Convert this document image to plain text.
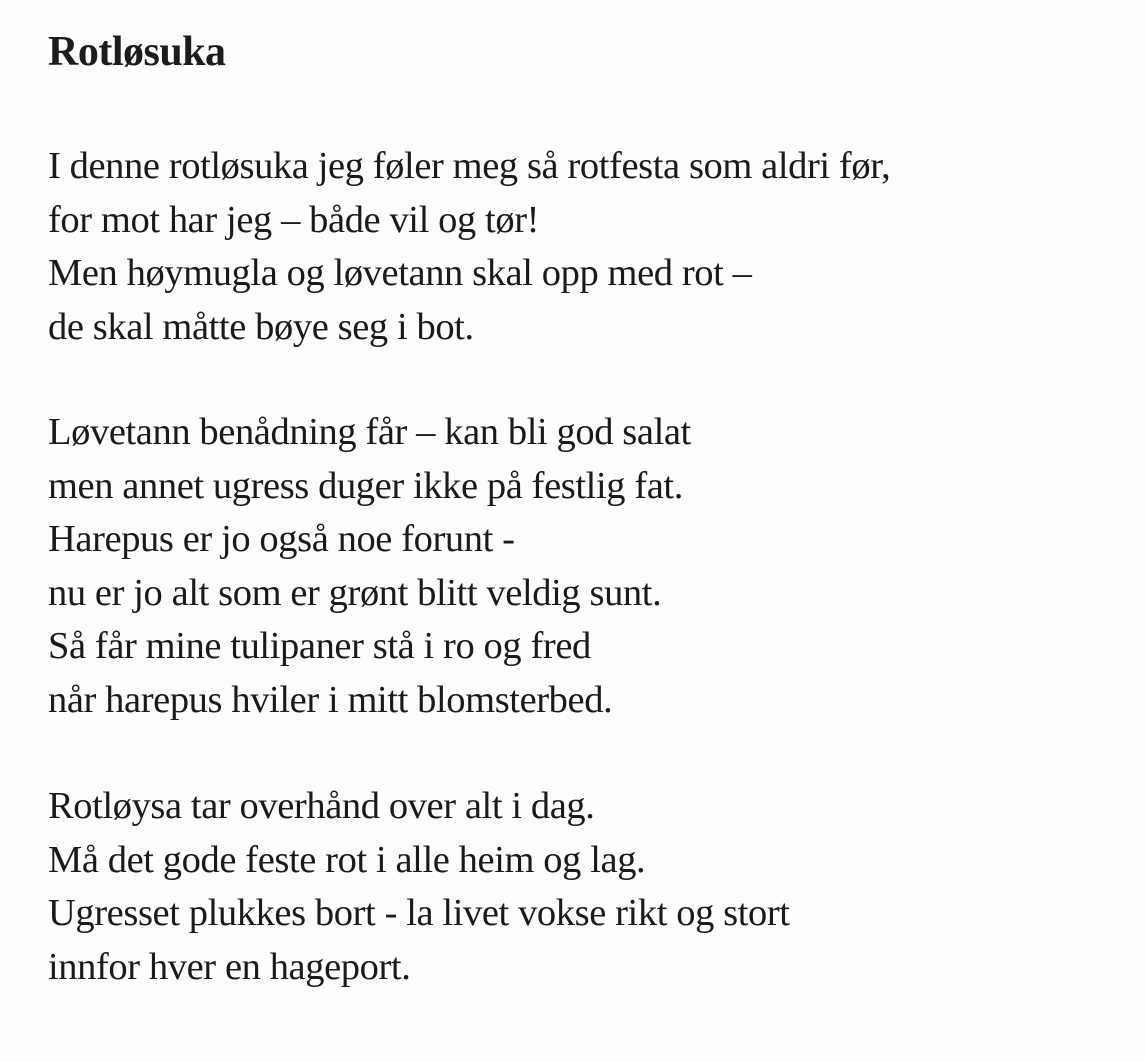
Rotløsuka
I denne rotløsuka jeg føler meg så rotfesta som aldri før,
for mot har jeg – både vil og tør!
Men høymugla og løvetann skal opp med rot –
de skal måtte bøye seg i bot.
Løvetann benådning får – kan bli god salat
men annet ugress duger ikke på festlig fat.
Harepus er jo også noe forunt -
nu er jo alt som er grønt blitt veldig sunt.
Så får mine tulipaner stå i ro og fred
når harepus hviler i mitt blomsterbed.
Rotløysa tar overhånd over alt i dag.
Må det gode feste rot i alle heim og lag.
Ugresset plukkes bort - la livet vokse rikt og stort
innfor hver en hageport.
